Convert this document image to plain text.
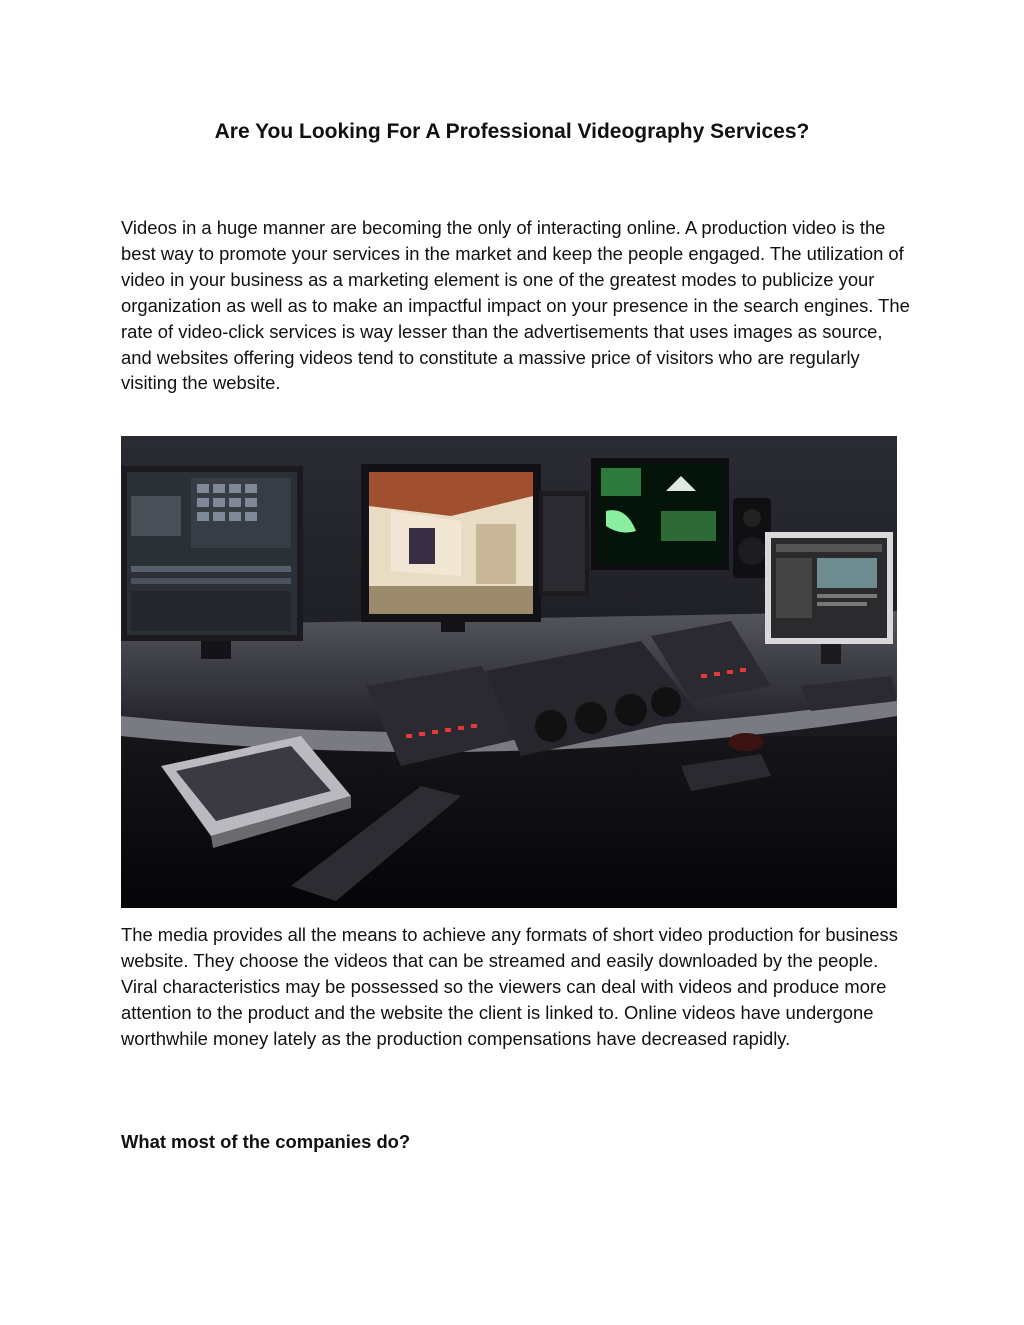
Are You Looking For A Professional Videography Services?

Videos in a huge manner are becoming the only of interacting online. A production video is the best way to promote your services in the market and keep the people engaged. The utilization of video in your business as a marketing element is one of the greatest modes to publicize your organization as well as to make an impactful impact on your presence in the search engines. The rate of video-click services is way lesser than the advertisements that uses images as source, and websites offering videos tend to constitute a massive price of visitors who are regularly visiting the website.

The media provides all the means to achieve any formats of short video production for business website. They choose the videos that can be streamed and easily downloaded by the people. Viral characteristics may be possessed so the viewers can deal with videos and produce more attention to the product and the website the client is linked to. Online videos have undergone worthwhile money lately as the production compensations have decreased rapidly.

What most of the companies do?
